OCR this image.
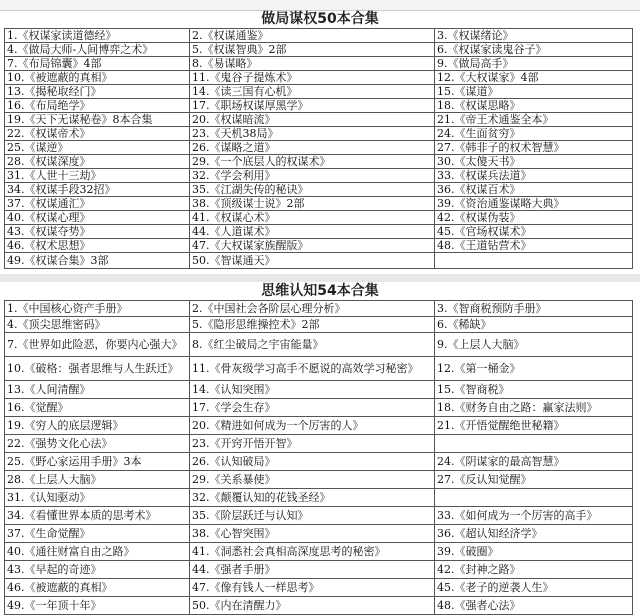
做局谋权50本合集
1.《权谋家读道德经》	2.《权谋通鉴》	3.《权谋绪论》
4.《做局大师-人间博弈之术》	5.《权谋智典》2部	6.《权谋家读鬼谷子》
7.《布局锦囊》4部	8.《易谋略》	9.《做局高手》
10.《被遮蔽的真相》	11.《鬼谷子提炼术》	12.《大权谋家》4部
13.《揭秘取经门》	14.《读三国有心机》	15.《谋道》
16.《布局绝学》	17.《职场权谋厚黑学》	18.《权谋思略》
19.《天下无谋秘卷》8本合集	20.《权谋暗流》	21.《帝王术通鉴全本》
22.《权谋帝术》	23.《天机38局》	24.《生面贫穷》
25.《谋逆》	26.《谋略之道》	27.《韩非子的权术智慧》
28.《权谋深度》	29.《一个底层人的权谋术》	30.《太傻天书》
31.《人世十三劫》	32.《学会利用》	33.《权谋兵法道》
34.《权谋手段32招》	35.《江湖失传的秘诀》	36.《权谋百术》
37.《权谋通汇》	38.《顶级谋士说》2部	39.《资治通鉴谋略大典》
40.《权谋心理》	41.《权谋心术》	42.《权谋伪装》
43.《权谋夺势》	44.《人道谋术》	45.《官场权谋术》
46.《权术思想》	47.《大权谋家族醒版》	48.《王道钻营术》
49.《权谋合集》3部	50.《智谋通天》	
思维认知54本合集
1.《中国核心资产手册》	2.《中国社会各阶层心理分析》	3.《智商税预防手册》
4.《顶尖思维密码》	5.《隐形思维操控术》2部	6.《稀缺》
7.《世界如此险恶，你要内心强大》	8.《红尘破局之宇宙能量》	9.《上层人大脑》
10.《破格：强者思维与人生跃迁》	11.《骨灰级学习高手不愿说的高效学习秘密》	12.《第一桶金》
13.《人间清醒》	14.《认知突围》	15.《智商税》
16.《觉醒》	17.《学会生存》	18.《财务自由之路：赢家法则》
19.《穷人的底层逻辑》	20.《精进如何成为一个厉害的人》	21.《开悟觉醒绝世秘籍》
22.《强势文化心法》	23.《开窍开悟开智》	
25.《野心家运用手册》3本	26.《认知破局》	24.《阴谋家的最高智慧》
28.《上层人大脑》	29.《关系暴使》	27.《反认知觉醒》
31.《认知驱动》	32.《颠覆认知的花钱圣经》	
34.《看懂世界本质的思考术》	35.《阶层跃迁与认知》	33.《如何成为一个厉害的高手》
37.《生命觉醒》	38.《心智突围》	36.《超认知经济学》
40.《通往财富自由之路》	41.《洞悉社会真相高深度思考的秘密》	39.《破圈》
43.《早起的奇迹》	44.《强者手册》	42.《封神之路》
46.《被遮蔽的真相》	47.《像有钱人一样思考》	45.《老子的逆袭人生》
49.《一年顶十年》	50.《内在清醒力》	48.《强者心法》
